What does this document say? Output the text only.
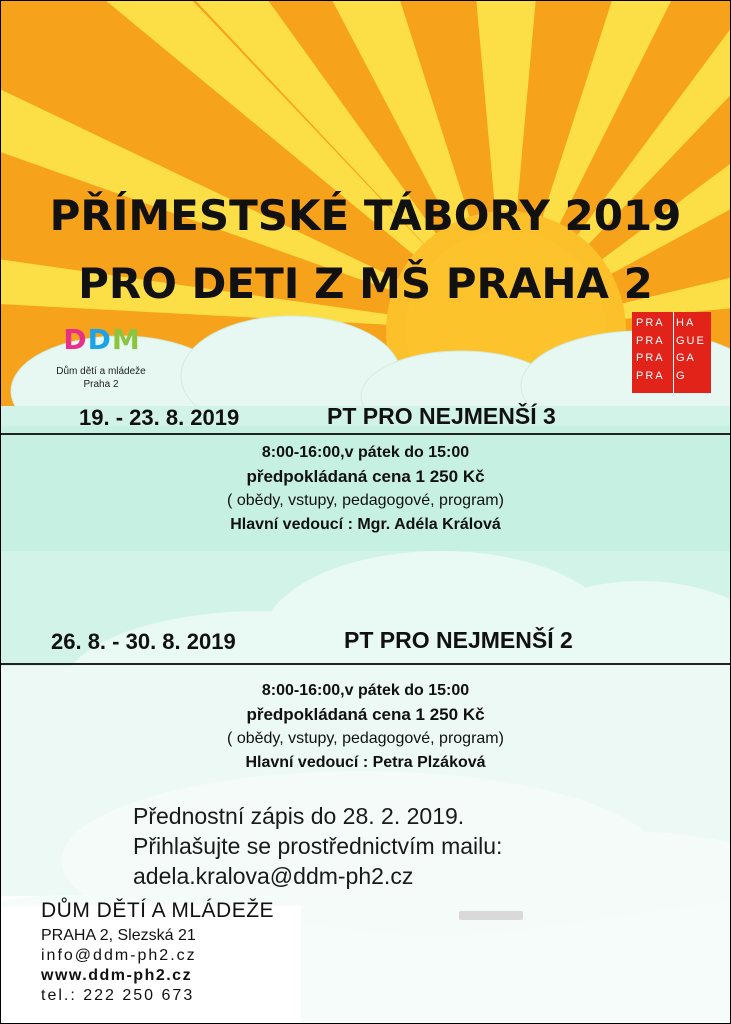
PŘÍMESTSKÉ TÁBORY 2019
PRO DETI Z MŠ PRAHA 2
DDM
Dům dětí a mládeže
Praha 2
PRA
PRA
PRA
PRA
HA
GUE
GA
G
19. - 23. 8. 2019	PT PRO NEJMENŠÍ 3
8:00-16:00,v pátek do 15:00
předpokládaná cena 1 250 Kč
( obědy, vstupy, pedagogové, program)
Hlavní vedoucí : Mgr. Adéla Králová
26. 8. - 30. 8. 2019	PT PRO NEJMENŠÍ 2
8:00-16:00,v pátek do 15:00
předpokládaná cena 1 250 Kč
( obědy, vstupy, pedagogové, program)
Hlavní vedoucí : Petra Plzáková
Přednostní zápis do 28. 2. 2019.
Přihlašujte se prostřednictvím mailu:
adela.kralova@ddm-ph2.cz
DŮM DĚTÍ A MLÁDEŽE
PRAHA 2, Slezská 21
info@ddm-ph2.cz
www.ddm-ph2.cz
tel.: 222 250 673
